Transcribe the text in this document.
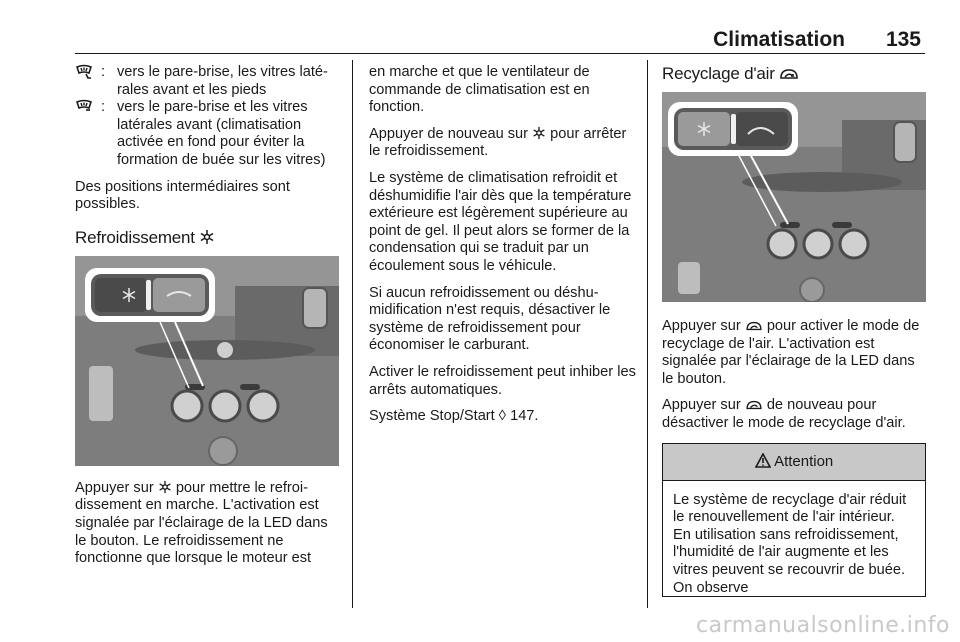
Climatisation 135
: vers le pare-brise, les vitres latérales avant et les pieds
: vers le pare-brise et les vitres latérales avant (climatisation activée en fond pour éviter la formation de buée sur les vitres)

Des positions intermédiaires sont possibles.

Refroidissement

Appuyer sur pour mettre le refroidissement en marche. L'activation est signalée par l'éclairage de la LED dans le bouton. Le refroidissement ne fonctionne que lorsque le moteur est

en marche et que le ventilateur de commande de climatisation est en fonction.

Appuyer de nouveau sur pour arrêter le refroidissement.

Le système de climatisation refroidit et déshumidifie l'air dès que la température extérieure est légèrement supérieure au point de gel. Il peut alors se former de la condensation qui se traduit par un écoulement sous le véhicule.

Si aucun refroidissement ou déshumidification n'est requis, désactiver le système de refroidissement pour économiser le carburant.

Activer le refroidissement peut inhiber les arrêts automatiques.

Système Stop/Start ◊ 147.

Recyclage d'air

Appuyer sur pour activer le mode de recyclage de l'air. L'activation est signalée par l'éclairage de la LED dans le bouton.

Appuyer sur de nouveau pour désactiver le mode de recyclage d'air.

Attention
Le système de recyclage d'air réduit le renouvellement de l'air intérieur. En utilisation sans refroidissement, l'humidité de l'air augmente et les vitres peuvent se recouvrir de buée. On observe
carmanualsonline.info
